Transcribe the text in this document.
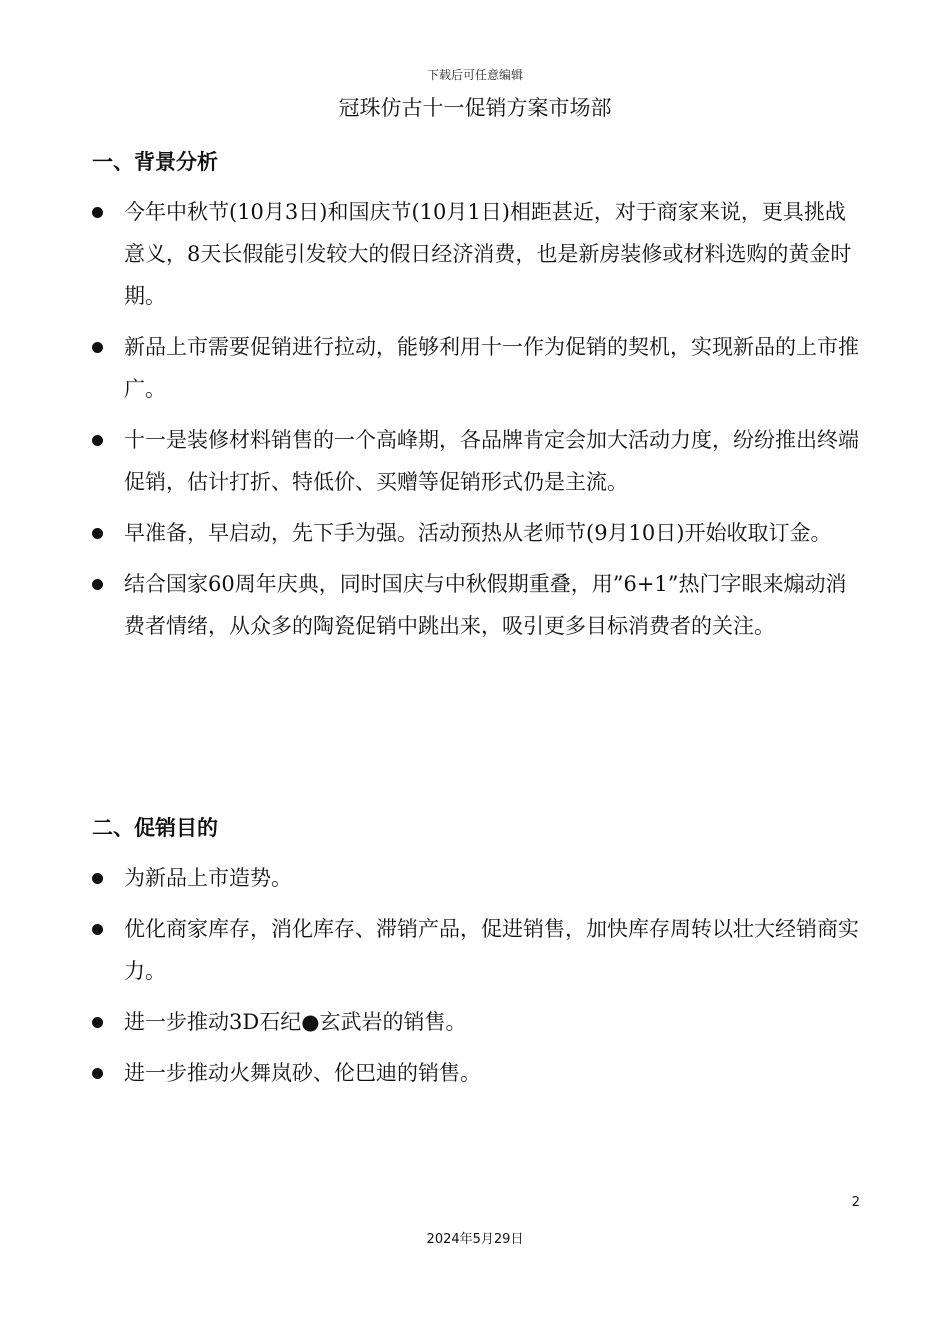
下载后可任意编辑
冠珠仿古十一促销方案市场部
一、背景分析
今年中秋节(10月3日)和国庆节(10月1日)相距甚近，对于商家来说，更具挑战意义，8天长假能引发较大的假日经济消费，也是新房装修或材料选购的黄金时期。
新品上市需要促销进行拉动，能够利用十一作为促销的契机，实现新品的上市推广。
十一是装修材料销售的一个高峰期，各品牌肯定会加大活动力度，纷纷推出终端促销，估计打折、特低价、买赠等促销形式仍是主流。
早准备，早启动，先下手为强。活动预热从老师节(9月10日)开始收取订金。
结合国家60周年庆典，同时国庆与中秋假期重叠，用”6+1”热门字眼来煽动消费者情绪，从众多的陶瓷促销中跳出来，吸引更多目标消费者的关注。
二、促销目的
为新品上市造势。
优化商家库存，消化库存、滞销产品，促进销售，加快库存周转以壮大经销商实力。
进一步推动3D石纪●玄武岩的销售。
进一步推动火舞岚砂、伦巴迪的销售。
2
2024年5月29日
